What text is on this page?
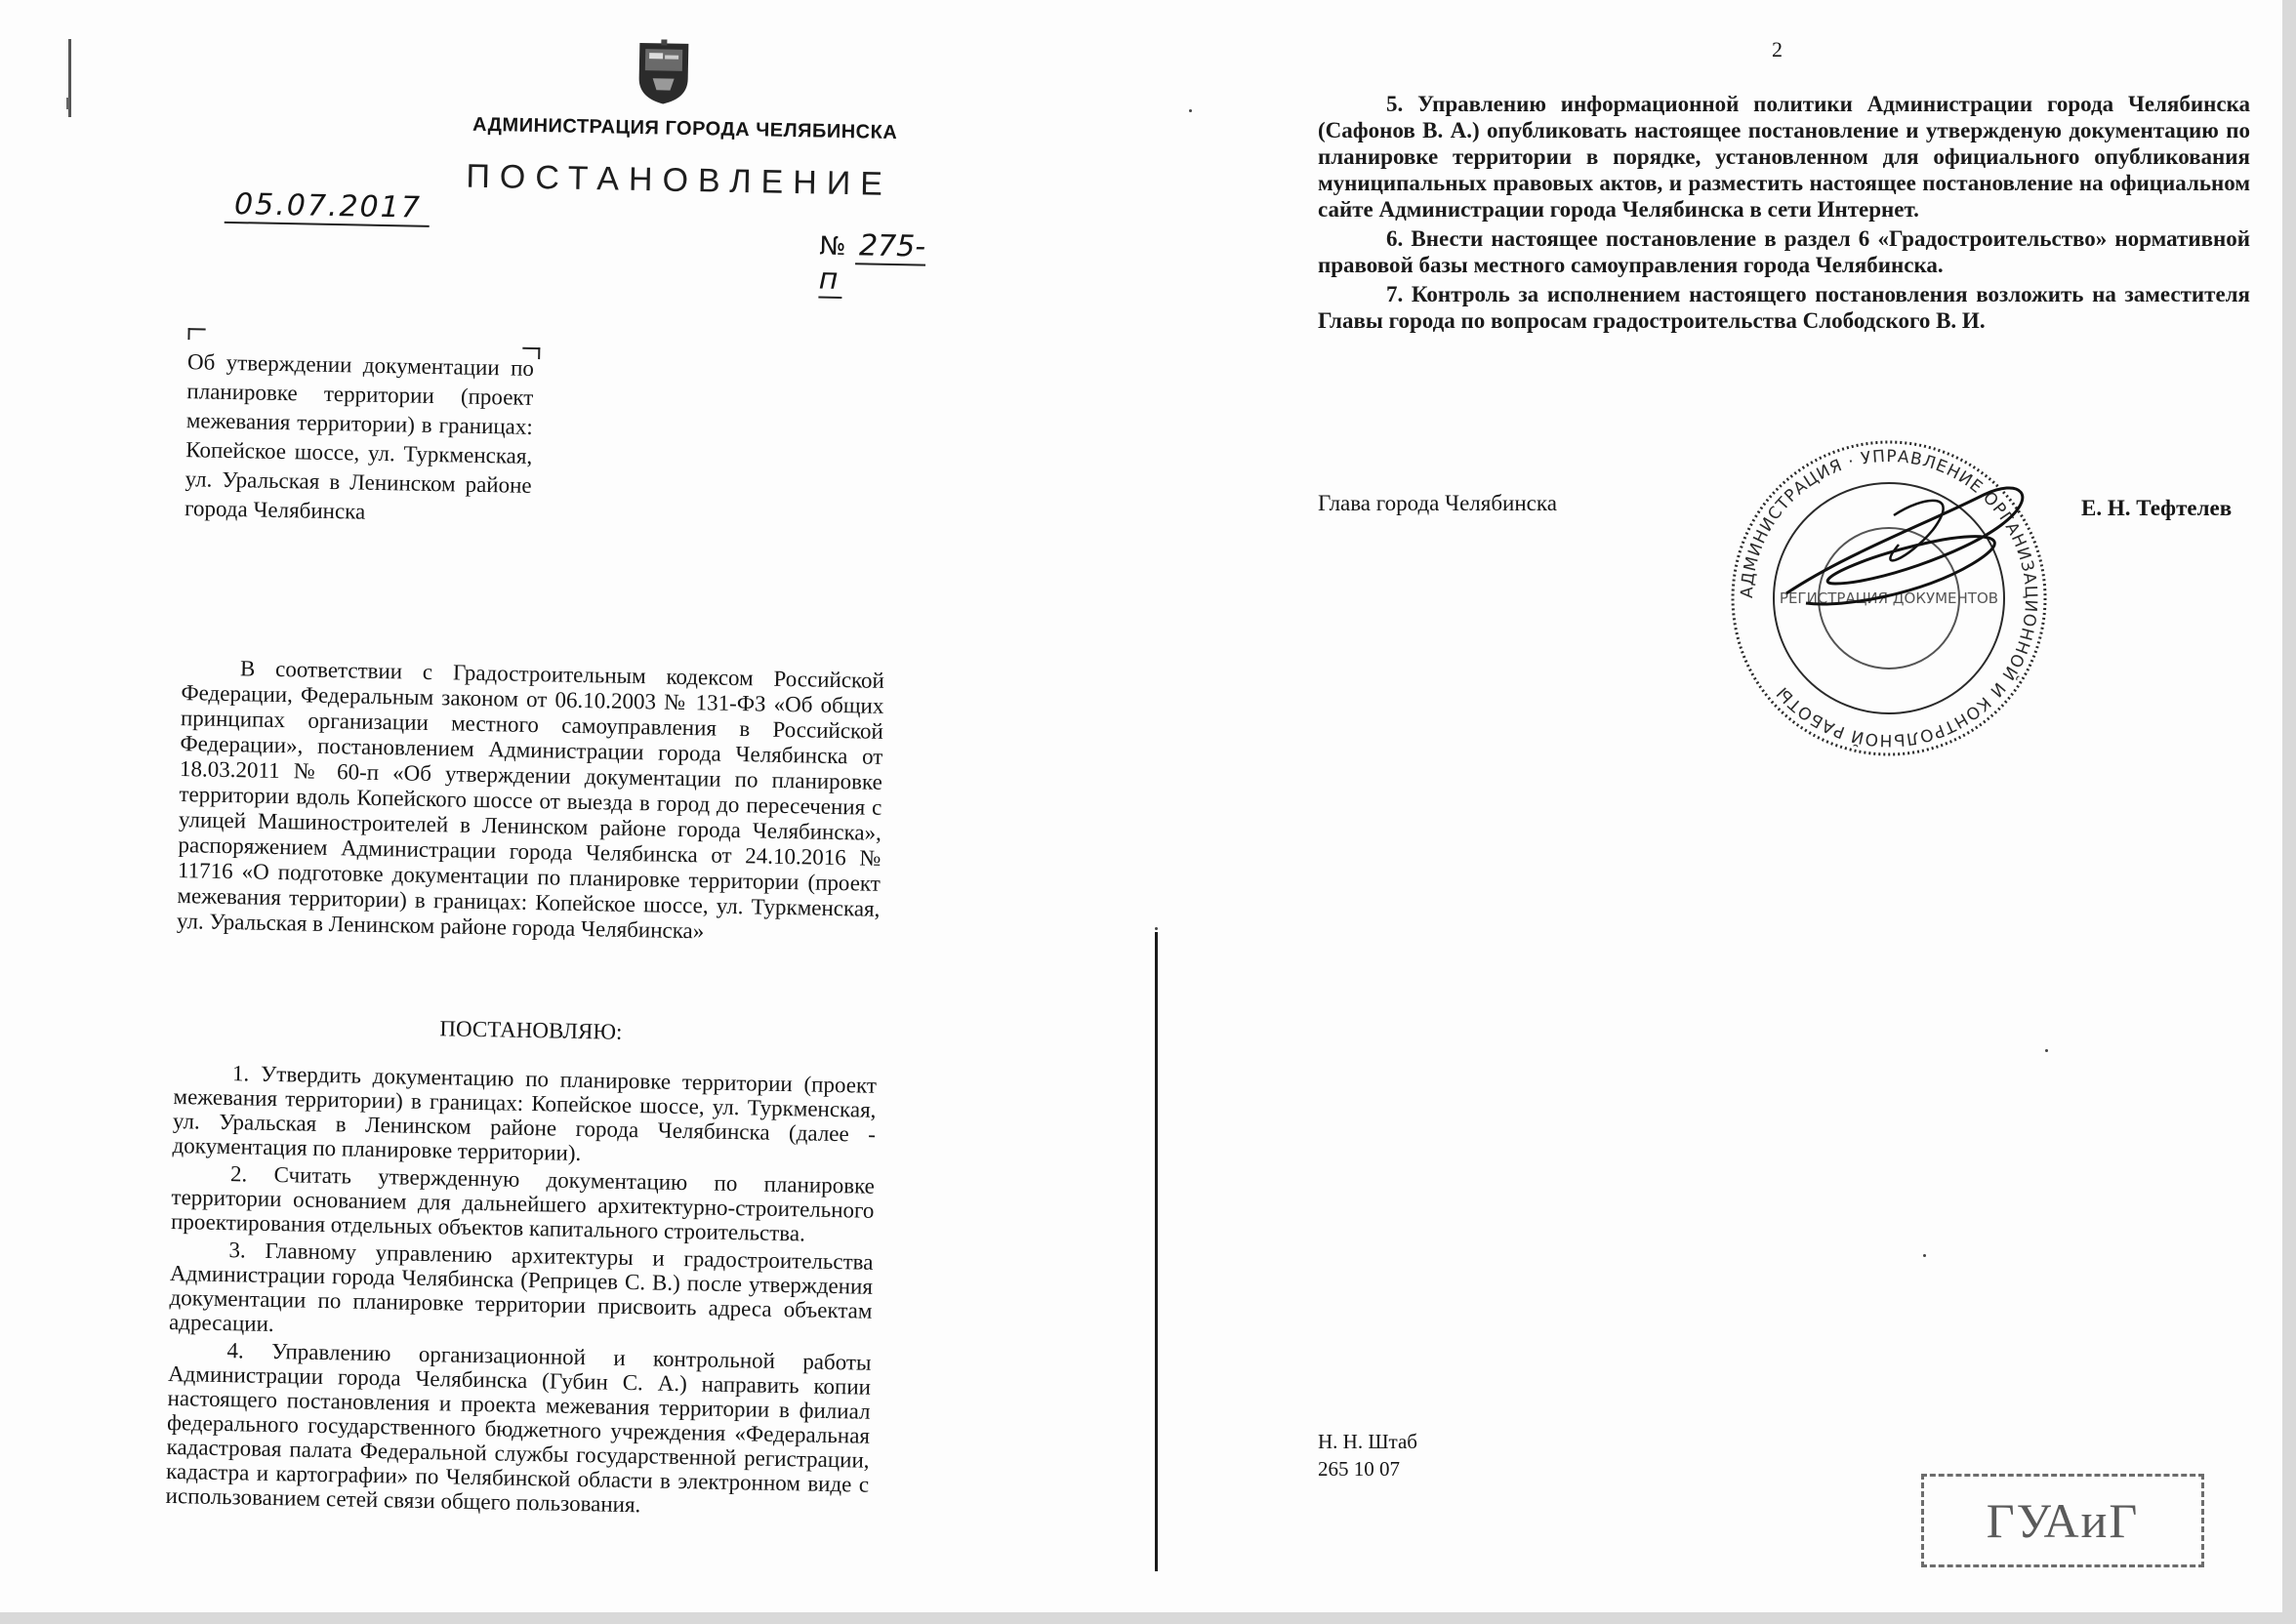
АДМИНИСТРАЦИЯ ГОРОДА ЧЕЛЯБИНСКА
ПОСТАНОВЛЕНИЕ
05.07.2017
№ 275-п
Об утверждении документации по планировке территории (проект межевания территории) в границах: Копейское шоссе, ул. Туркменская, ул. Уральская в Ленинском районе города Челябинска
В соответствии с Градостроительным кодексом Российской Федерации, Федеральным законом от 06.10.2003 № 131-ФЗ «Об общих принципах организации местного самоуправления в Российской Федерации», постановлением Администрации города Челябинска от 18.03.2011 № 60-п «Об утверждении документации по планировке территории вдоль Копейского шоссе от выезда в город до пересечения с улицей Машиностроителей в Ленинском районе города Челябинска», распоряжением Администрации города Челябинска от 24.10.2016 № 11716 «О подготовке документации по планировке территории (проект межевания территории) в границах: Копейское шоссе, ул. Туркменская, ул. Уральская в Ленинском районе города Челябинска»
ПОСТАНОВЛЯЮ:

1. Утвердить документацию по планировке территории (проект межевания территории) в границах: Копейское шоссе, ул. Туркменская, ул. Уральская в Ленинском районе города Челябинска (далее - документация по планировке территории).

2. Считать утвержденную документацию по планировке территории основанием для дальнейшего архитектурно-строительного проектирования отдельных объектов капитального строительства.

3. Главному управлению архитектуры и градостроительства Администрации города Челябинска (Реприцев С. В.) после утверждения документации по планировке территории присвоить адреса объектам адресации.

4. Управлению организационной и контрольной работы Администрации города Челябинска (Губин С. А.) направить копии настоящего постановления и проекта межевания территории в филиал федерального государственного бюджетного учреждения «Федеральная кадастровая палата Федеральной службы государственной регистрации, кадастра и картографии» по Челябинской области в электронном виде с использованием сетей связи общего пользования.

2

5. Управлению информационной политики Администрации города Челябинска (Сафонов В. А.) опубликовать настоящее постановление и утвержденую документацию по планировке территории в порядке, установленном для официального опубликования муниципальных правовых актов, и разместить настоящее постановление на официальном сайте Администрации города Челябинска в сети Интернет.

6. Внести настоящее постановление в раздел 6 «Градостроительство» нормативной правовой базы местного самоуправления города Челябинска.

7. Контроль за исполнением настоящего постановления возложить на заместителя Главы города по вопросам градостроительства Слободского В. И.

Глава города Челябинска	Е. Н. Тефтелев
АДМИНИСТРАЦИЯ · УПРАВЛЕНИЕ ОРГАНИЗАЦИОННОЙ И КОНТРОЛЬНОЙ РАБОТЫ
РЕГИСТРАЦИЯ ДОКУМЕНТОВ
Н. Н. Штаб
265 10 07
ГУАиГ
